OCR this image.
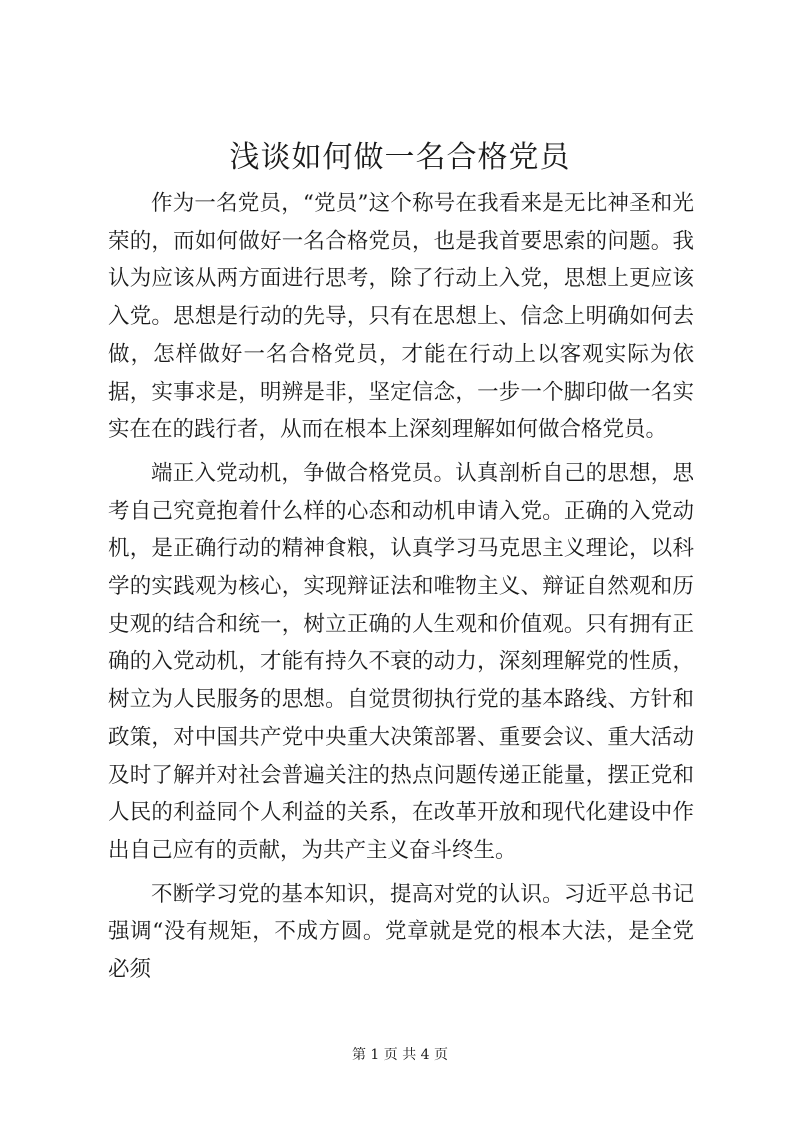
浅谈如何做一名合格党员

作为一名党员，“党员”这个称号在我看来是无比神圣和光荣的，而如何做好一名合格党员，也是我首要思索的问题。我认为应该从两方面进行思考，除了行动上入党，思想上更应该入党。思想是行动的先导，只有在思想上、信念上明确如何去做，怎样做好一名合格党员，才能在行动上以客观实际为依据，实事求是，明辨是非，坚定信念，一步一个脚印做一名实实在在的践行者，从而在根本上深刻理解如何做合格党员。

端正入党动机，争做合格党员。认真剖析自己的思想，思考自己究竟抱着什么样的心态和动机申请入党。正确的入党动机，是正确行动的精神食粮，认真学习马克思主义理论，以科学的实践观为核心，实现辩证法和唯物主义、辩证自然观和历史观的结合和统一，树立正确的人生观和价值观。只有拥有正确的入党动机，才能有持久不衰的动力，深刻理解党的性质，树立为人民服务的思想。自觉贯彻执行党的基本路线、方针和政策，对中国共产党中央重大决策部署、重要会议、重大活动及时了解并对社会普遍关注的热点问题传递正能量，摆正党和人民的利益同个人利益的关系，在改革开放和现代化建设中作出自己应有的贡献，为共产主义奋斗终生。

不断学习党的基本知识，提高对党的认识。习近平总书记强调“没有规矩，不成方圆。党章就是党的根本大法，是全党必须

第 1 页 共 4 页
